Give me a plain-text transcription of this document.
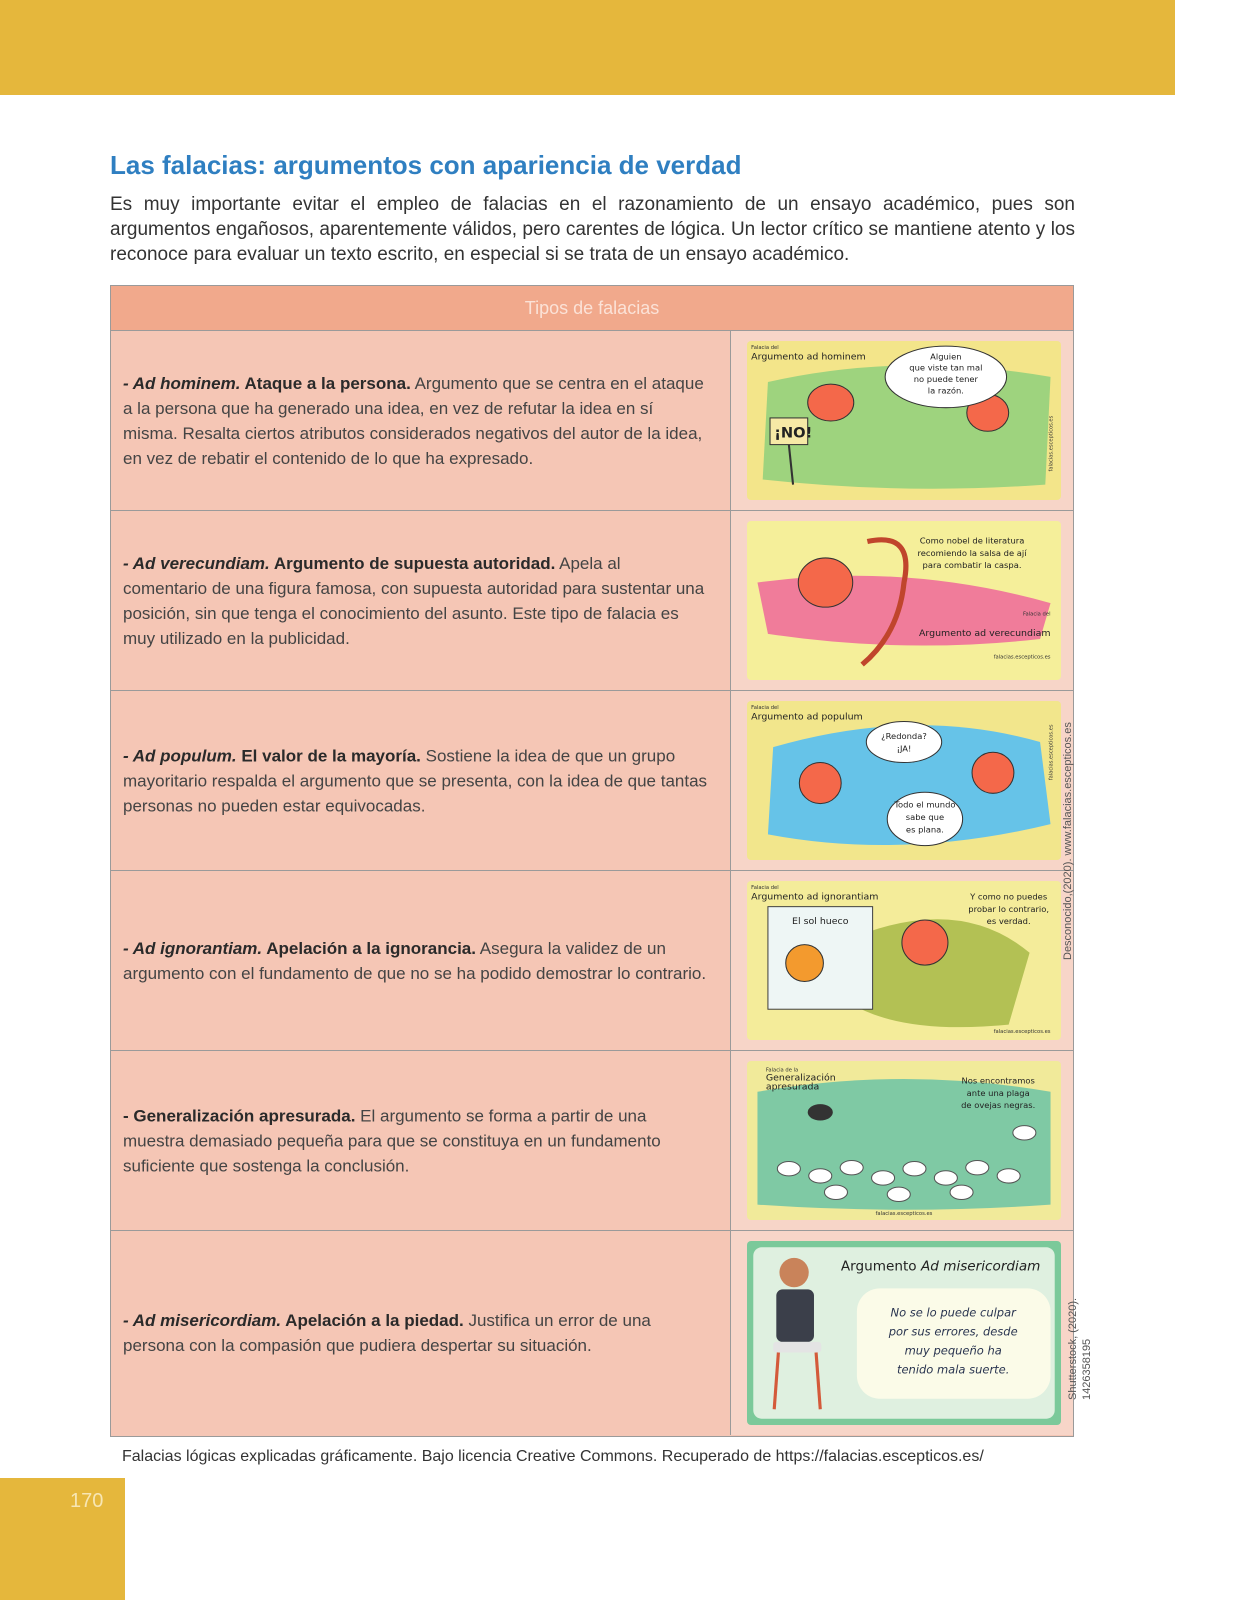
Las falacias: argumentos con apariencia de verdad

Es muy importante evitar el empleo de falacias en el razonamiento de un ensayo académico, pues son argumentos engañosos, aparentemente válidos, pero carentes de lógica. Un lector crítico se mantiene atento y los reconoce para evaluar un texto escrito, en especial si se trata de un ensayo académico.

Tipos de falacias
- Ad hominem. Ataque a la persona. Argumento que se centra en el ataque a la persona que ha generado una idea, en vez de refutar la idea en sí misma. Resalta ciertos atributos considerados negativos del autor de la idea, en vez de rebatir el contenido de lo que ha expresado.
Falacia del
Argumento ad hominem
¡NO!
Alguien
que viste tan mal
no puede tener
la razón.
falacias.escepticos.es
- Ad verecundiam. Argumento de supuesta autoridad. Apela al comentario de una figura famosa, con supuesta autoridad para sustentar una posición, sin que tenga el conocimiento del asunto. Este tipo de falacia es muy utilizado en la publicidad.
Como nobel de literatura
recomiendo la salsa de ají
para combatir la caspa.
Falacia del
Argumento ad verecundiam
falacias.escepticos.es
- Ad populum. El valor de la mayoría. Sostiene la idea de que un grupo mayoritario respalda el argumento que se presenta, con la idea de que tantas personas no pueden estar equivocadas.
Falacia del
Argumento ad populum
¿Redonda?
¡JA!
Todo el mundo
sabe que
es plana.
falacias.escepticos.es
- Ad ignorantiam. Apelación a la ignorancia. Asegura la validez de un argumento con el fundamento de que no se ha podido demostrar lo contrario.
Falacia del
Argumento ad ignorantiam
El sol hueco
Y como no puedes
probar lo contrario,
es verdad.
falacias.escepticos.es
- Generalización apresurada. El argumento se forma a partir de una muestra demasiado pequeña para que se constituya en un fundamento suficiente que sostenga la conclusión.
Falacia de la
Generalización
apresurada
Nos encontramos
ante una plaga
de ovejas negras.
falacias.escepticos.es
- Ad misericordiam. Apelación a la piedad. Justifica un error de una persona con la compasión que pudiera despertar su situación.
Argumento Ad misericordiam
No se lo puede culpar
por sus errores, desde
muy pequeño ha
tenido mala suerte.

Falacias lógicas explicadas gráficamente. Bajo licencia Creative Commons. Recuperado de https://falacias.escepticos.es/

Desconocido,(2020). www.falacias.escepticos.es
Shutterstock, (2020). 1426358195
170
